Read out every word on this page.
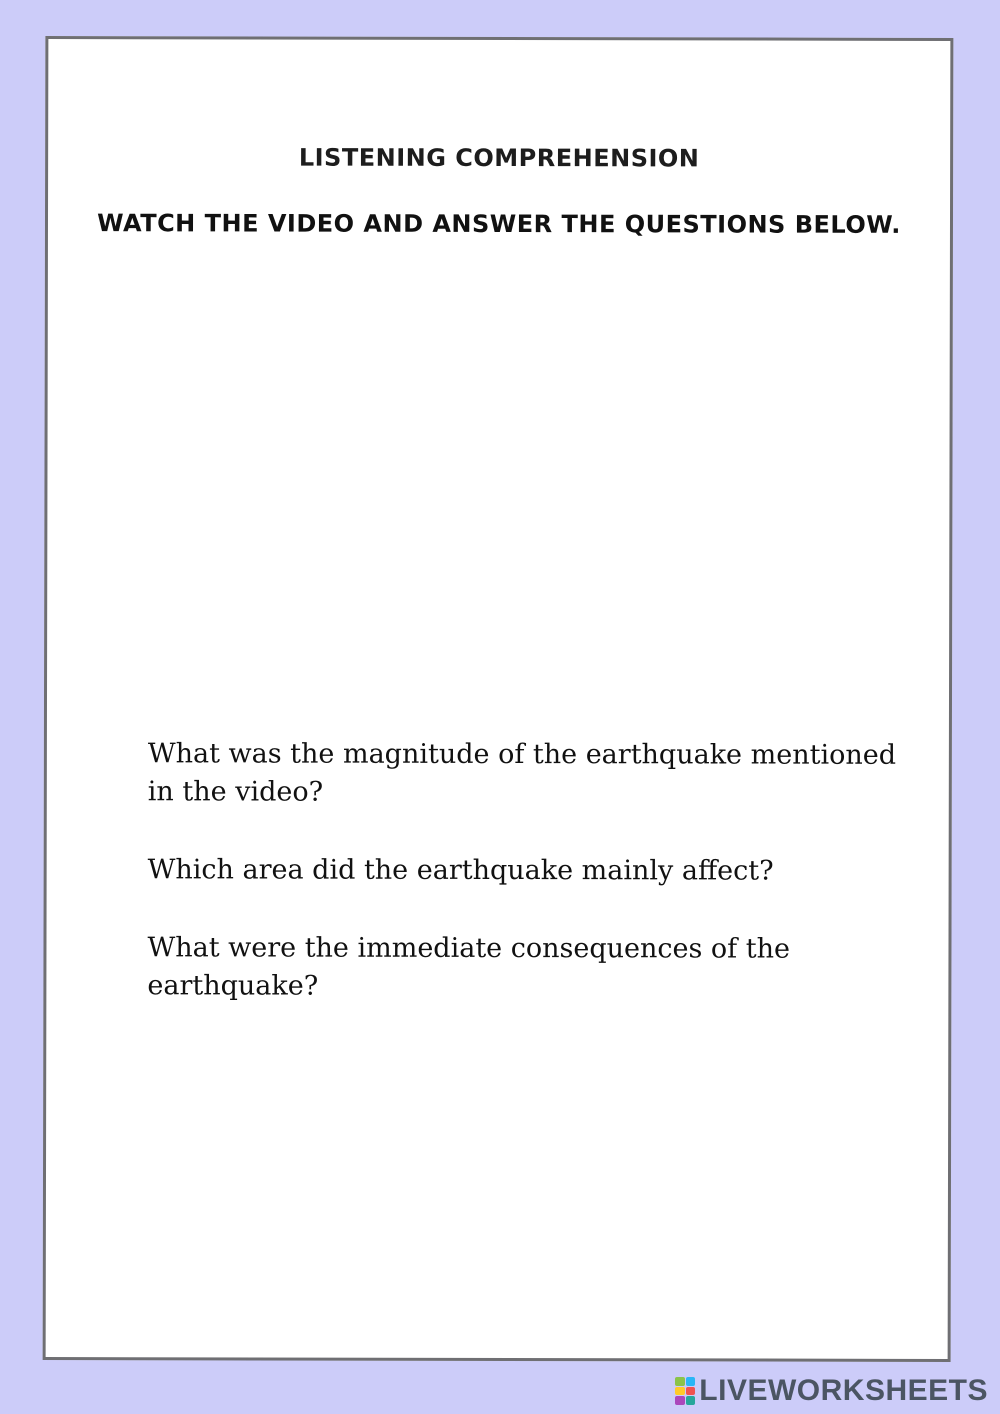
LISTENING COMPREHENSION
WATCH THE VIDEO AND ANSWER THE QUESTIONS BELOW.

What was the magnitude of the earthquake mentioned in the video?

Which area did the earthquake mainly affect?

What were the immediate consequences of the earthquake?

LIVEWORKSHEETS
